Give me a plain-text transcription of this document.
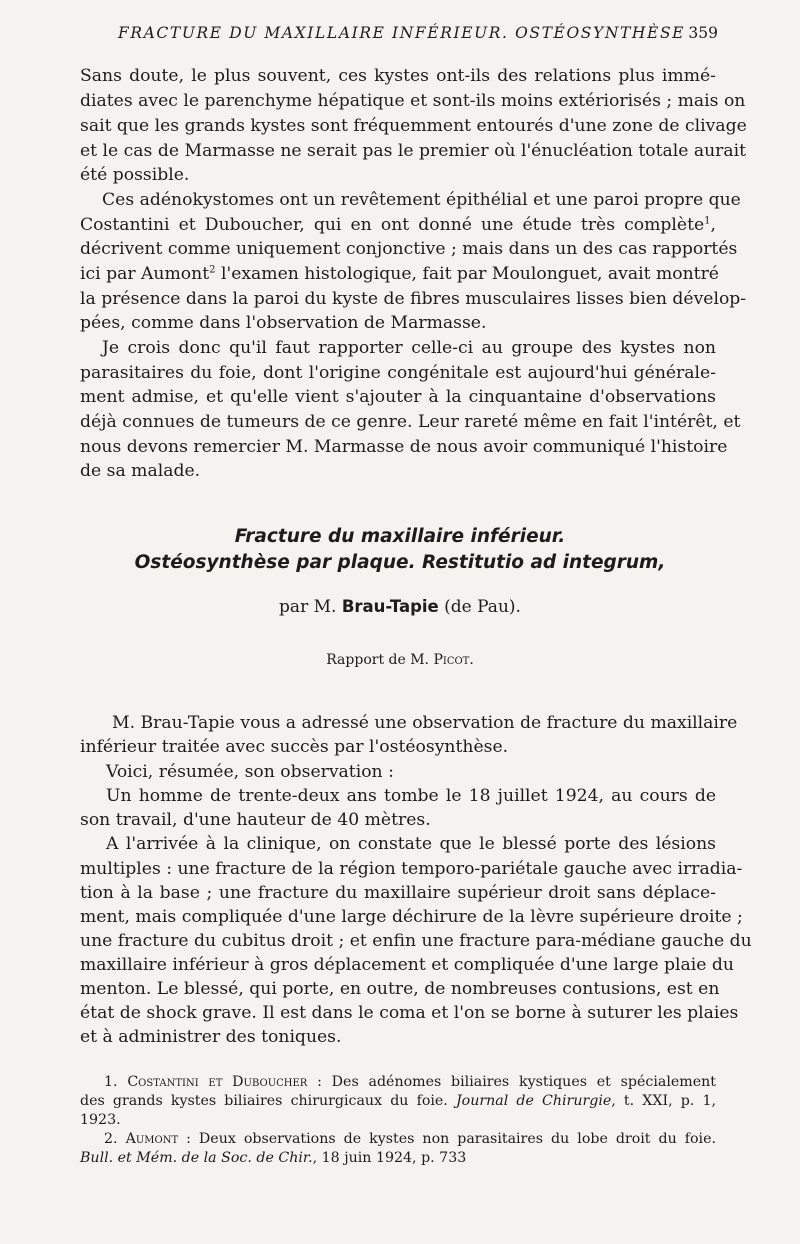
FRACTURE DU MAXILLAIRE INFÉRIEUR. OSTÉOSYNTHÈSE 359
Sans doute, le plus souvent, ces kystes ont-ils des relations plus immé-
diates avec le parenchyme hépatique et sont-ils moins extériorisés ; mais on
sait que les grands kystes sont fréquemment entourés d'une zone de clivage
et le cas de Marmasse ne serait pas le premier où l'énucléation totale aurait
été possible.
Ces adénokystomes ont un revêtement épithélial et une paroi propre que
Costantini et Duboucher, qui en ont donné une étude très complète$^1$,
décrivent comme uniquement conjonctive ; mais dans un des cas rapportés
ici par Aumont$^2$ l'examen histologique, fait par Moulonguet, avait montré
la présence dans la paroi du kyste de fibres musculaires lisses bien dévelop-
pées, comme dans l'observation de Marmasse.
Je crois donc qu'il faut rapporter celle-ci au groupe des kystes non
parasitaires du foie, dont l'origine congénitale est aujourd'hui générale-
ment admise, et qu'elle vient s'ajouter à la cinquantaine d'observations
déjà connues de tumeurs de ce genre. Leur rareté même en fait l'intérêt, et
nous devons remercier M. Marmasse de nous avoir communiqué l'histoire
de sa malade.
Fracture du maxillaire inférieur.
Ostéosynthèse par plaque. Restitutio ad integrum,
par M. Brau-Tapie (de Pau).
Rapport de M. Picot.
M. Brau-Tapie vous a adressé une observation de fracture du maxillaire
inférieur traitée avec succès par l'ostéosynthèse.
Voici, résumée, son observation :
Un homme de trente-deux ans tombe le 18 juillet 1924, au cours de
son travail, d'une hauteur de 40 mètres.
A l'arrivée à la clinique, on constate que le blessé porte des lésions
multiples : une fracture de la région temporo-pariétale gauche avec irradia-
tion à la base ; une fracture du maxillaire supérieur droit sans déplace-
ment, mais compliquée d'une large déchirure de la lèvre supérieure droite ;
une fracture du cubitus droit ; et enfin une fracture para-médiane gauche du
maxillaire inférieur à gros déplacement et compliquée d'une large plaie du
menton. Le blessé, qui porte, en outre, de nombreuses contusions, est en
état de shock grave. Il est dans le coma et l'on se borne à suturer les plaies
et à administrer des toniques.
1. Costantini et Duboucher : Des adénomes biliaires kystiques et spécialement
des grands kystes biliaires chirurgicaux du foie. Journal de Chirurgie, t. XXI, p. 1,
1923.
2. Aumont : Deux observations de kystes non parasitaires du lobe droit du foie.
Bull. et Mém. de la Soc. de Chir., 18 juin 1924, p. 733
